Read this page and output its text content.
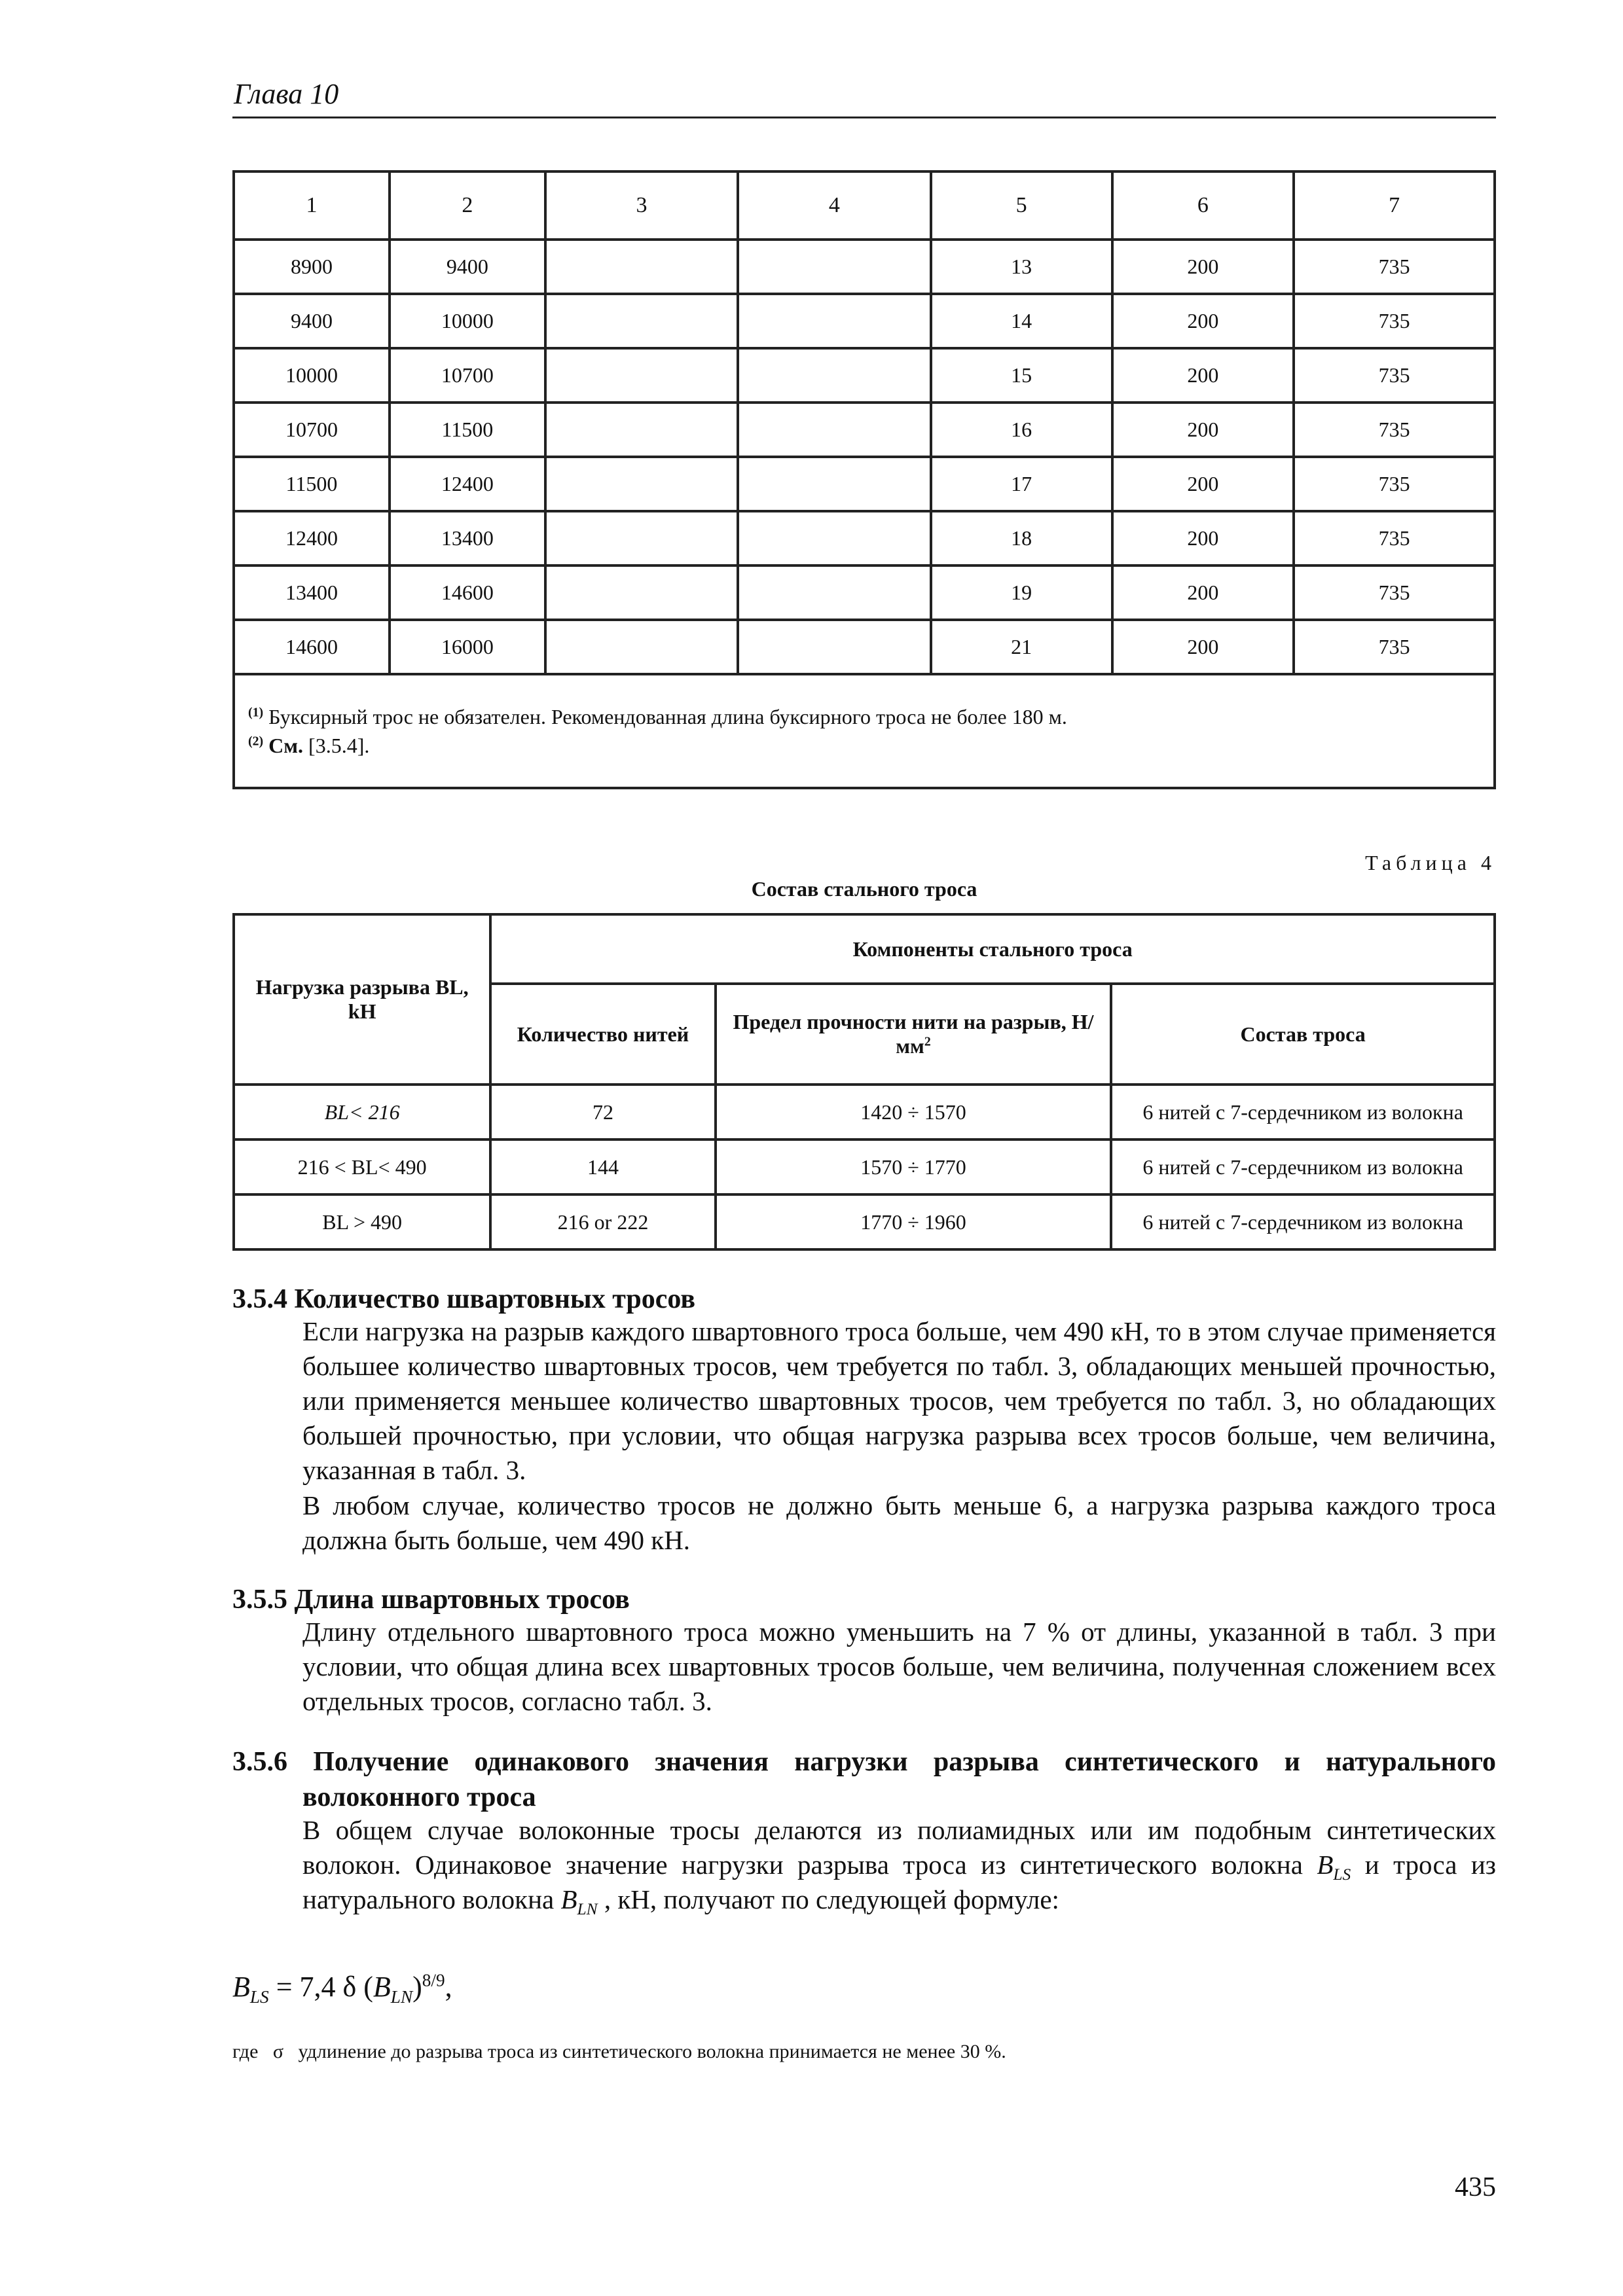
Глава 10
1	2	3	4	5	6	7
8900	9400			13	200	735
9400	10000			14	200	735
10000	10700			15	200	735
10700	11500			16	200	735
11500	12400			17	200	735
12400	13400			18	200	735
13400	14600			19	200	735
14600	16000			21	200	735

$^{(1)}$ Буксирный трос не обязателен. Рекомендованная длина буксирного троса не более 180 м.
$^{(2)}$ См. [3.5.4].						
Таблица 4
Состав стального троса
Нагрузка разрыва BL, kH	Компоненты стального троса		
	Количество нитей	Предел прочности нити на разрыв, $Н/мм^2$	Состав троса
BL< 216	72	1420 ÷ 1570	6 нитей с 7-сердечником из волокна
216 < BL< 490	144	1570 ÷ 1770	6 нитей с 7-сердечником из волокна
BL > 490	216 or 222	1770 ÷ 1960	6 нитей с 7-сердечником из волокна
3.5.4 Количество швартовных тросов
Если нагрузка на разрыв каждого швартовного троса больше, чем 490 кН, то в этом случае применяется большее количество швартовных тросов, чем требуется по табл. 3, обладающих меньшей прочностью, или применяется меньшее количество швартовных тросов, чем требуется по табл. 3, но обладающих большей прочностью, при условии, что общая нагрузка разрыва всех тросов больше, чем величина, указанная в табл. 3.
В любом случае, количество тросов не должно быть меньше 6, а нагрузка разрыва каждого троса должна быть больше, чем 490 кН.
3.5.5 Длина швартовных тросов
Длину отдельного швартовного троса можно уменьшить на 7 % от длины, указанной в табл. 3 при условии, что общая длина всех швартовных тросов больше, чем величина, полученная сложением всех отдельных тросов, согласно табл. 3.
3.5.6 Получение одинакового значения нагрузки разрыва синтетического и натурального волоконного троса
В общем случае волоконные тросы делаются из полиамидных или им подобным синтетических волокон. Одинаковое значение нагрузки разрыва троса из синтетического волокна $B_{LS}$ и троса из натурального волокна $B_{LN}$ , кН, получают по следующей формуле:
$B_{LS} = 7,4$ δ $(B_{LN})^{8/9}$,
где   σ   удлинение до разрыва троса из синтетического волокна принимается не менее 30 %.
435
